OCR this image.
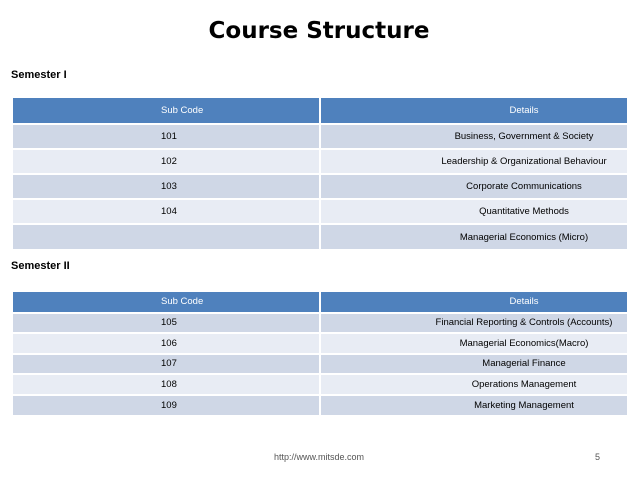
Course Structure
Semester I
Sub Code	Details
101	Business, Government & Society
102	Leadership & Organizational Behaviour
103	Corporate Communications
104	Quantitative Methods
	Managerial Economics (Micro)
Semester II
Sub Code	Details
105	Financial Reporting & Controls (Accounts)
106	Managerial Economics(Macro)
107	Managerial Finance
108	Operations Management
109	Marketing Management
http://www.mitsde.com	5
